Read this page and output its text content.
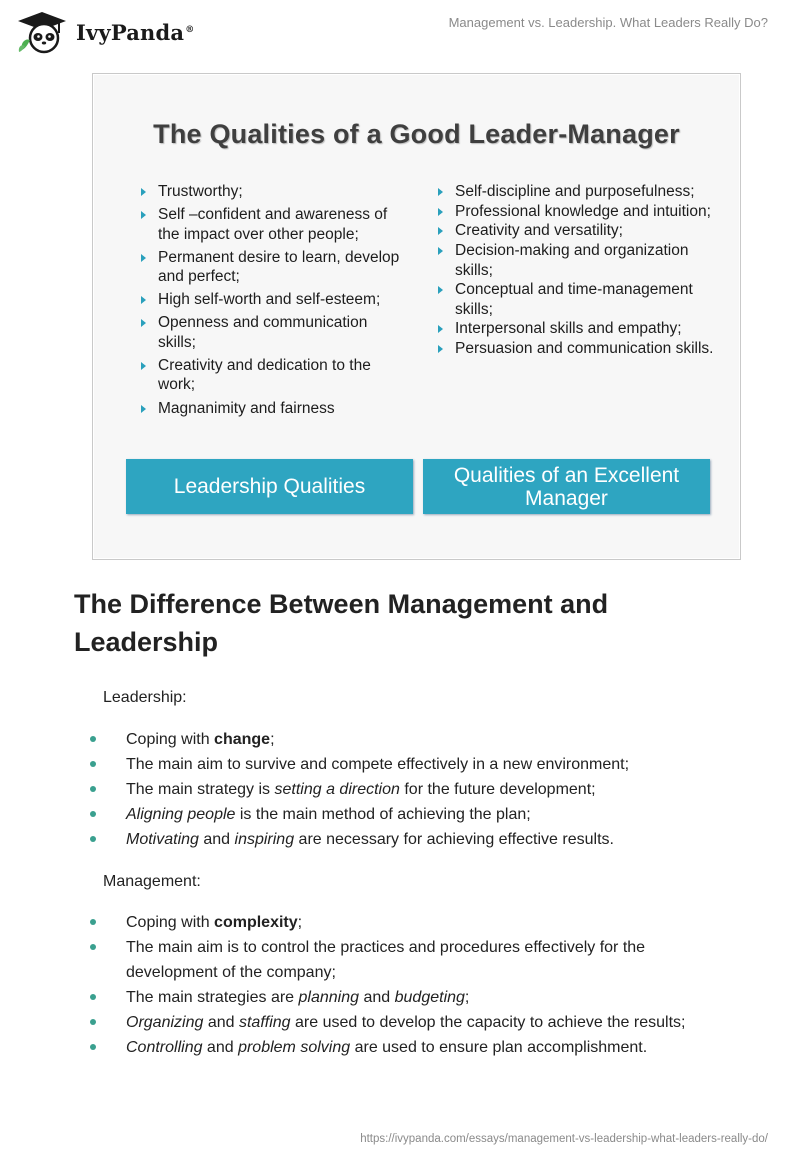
IvyPanda®	Management vs. Leadership. What Leaders Really Do?
The Qualities of a Good Leader-Manager
Trustworthy;
Self –confident and awareness of the impact over other people;
Permanent desire to learn, develop and perfect;
High self-worth and self-esteem;
Openness and communication skills;
Creativity and dedication to the work;
Magnanimity and fairness
Self-discipline and purposefulness;
Professional knowledge and intuition;
Creativity and versatility;
Decision-making and organization skills;
Conceptual and time-management skills;
Interpersonal skills and empathy;
Persuasion and communication skills.
Leadership Qualities	Qualities of an Excellent Manager
The Difference Between Management and Leadership
Leadership:
Coping with change;
The main aim to survive and compete effectively in a new environment;
The main strategy is setting a direction for the future development;
Aligning people is the main method of achieving the plan;
Motivating and inspiring are necessary for achieving effective results.
Management:
Coping with complexity;
The main aim is to control the practices and procedures effectively for the development of the company;
The main strategies are planning and budgeting;
Organizing and staffing are used to develop the capacity to achieve the results;
Controlling and problem solving are used to ensure plan accomplishment.
https://ivypanda.com/essays/management-vs-leadership-what-leaders-really-do/
